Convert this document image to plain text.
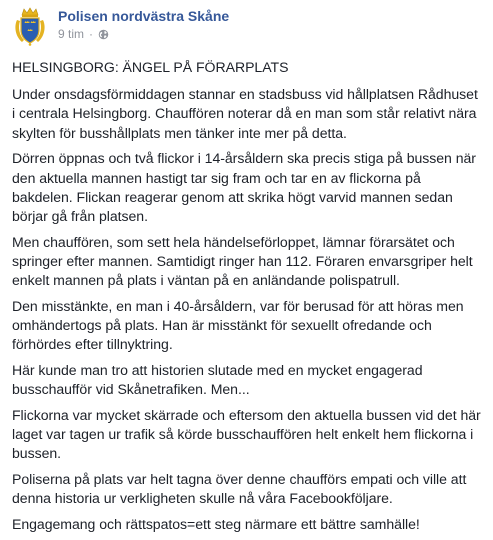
Polisen nordvästra Skåne
9 tim ·

HELSINGBORG: ÄNGEL PÅ FÖRARPLATS

Under onsdagsförmiddagen stannar en stadsbuss vid hållplatsen Rådhuset i centrala Helsingborg. Chauffören noterar då en man som står relativt nära skylten för busshållplats men tänker inte mer på detta.

Dörren öppnas och två flickor i 14-årsåldern ska precis stiga på bussen när den aktuella mannen hastigt tar sig fram och tar en av flickorna på bakdelen. Flickan reagerar genom att skrika högt varvid mannen sedan börjar gå från platsen.

Men chauffören, som sett hela händelseförloppet, lämnar förarsätet och springer efter mannen. Samtidigt ringer han 112. Föraren envarsgriper helt enkelt mannen på plats i väntan på en anländande polispatrull.

Den misstänkte, en man i 40-årsåldern, var för berusad för att höras men omhändertogs på plats. Han är misstänkt för sexuellt ofredande och förhördes efter tillnyktring.

Här kunde man tro att historien slutade med en mycket engagerad busschaufför vid Skånetrafiken. Men...

Flickorna var mycket skärrade och eftersom den aktuella bussen vid det här laget var tagen ur trafik så körde busschauffören helt enkelt hem flickorna i bussen.

Poliserna på plats var helt tagna över denne chaufförs empati och ville att denna historia ur verkligheten skulle nå våra Facebookföljare.

Engagemang och rättspatos=ett steg närmare ett bättre samhälle!
